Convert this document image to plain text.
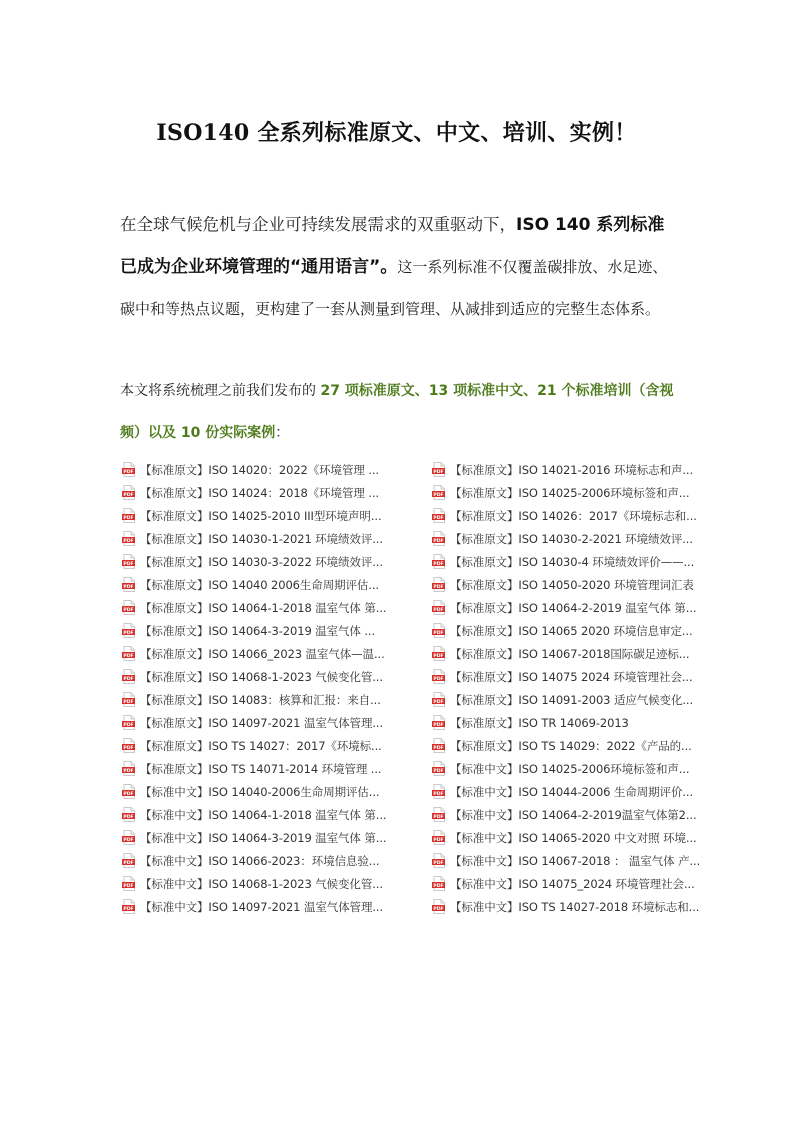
ISO140 全系列标准原文、中文、培训、实例！
在全球气候危机与企业可持续发展需求的双重驱动下，ISO 140 系列标准已成为企业环境管理的“通用语言”。这一系列标准不仅覆盖碳排放、水足迹、碳中和等热点议题，更构建了一套从测量到管理、从减排到适应的完整生态体系。
本文将系统梳理之前我们发布的 27 项标准原文、13 项标准中文、21 个标准培训（含视频）以及 10 份实际案例：
PDF 【标准原文】ISO 14020：2022《环境管理 ...	PDF 【标准原文】ISO 14021-2016 环境标志和声...
PDF 【标准原文】ISO 14024：2018《环境管理 ...	PDF 【标准原文】ISO 14025-2006环境标签和声...
PDF 【标准原文】ISO 14025-2010 III型环境声明...	PDF 【标准原文】ISO 14026：2017《环境标志和...
PDF 【标准原文】ISO 14030-1-2021 环境绩效评...	PDF 【标准原文】ISO 14030-2-2021 环境绩效评...
PDF 【标准原文】ISO 14030-3-2022 环境绩效评...	PDF 【标准原文】ISO 14030-4 环境绩效评价——...
PDF 【标准原文】ISO 14040 2006生命周期评估...	PDF 【标准原文】ISO 14050-2020 环境管理词汇表
PDF 【标准原文】ISO 14064-1-2018 温室气体 第...	PDF 【标准原文】ISO 14064-2-2019 温室气体 第...
PDF 【标准原文】ISO 14064-3-2019 温室气体 ...	PDF 【标准原文】ISO 14065 2020 环境信息审定...
PDF 【标准原文】ISO 14066_2023 温室气体—温...	PDF 【标准原文】ISO 14067-2018国际碳足迹标...
PDF 【标准原文】ISO 14068-1-2023 气候变化管...	PDF 【标准原文】ISO 14075 2024 环境管理社会...
PDF 【标准原文】ISO 14083：核算和汇报：来自...	PDF 【标准原文】ISO 14091-2003 适应气候变化...
PDF 【标准原文】ISO 14097-2021 温室气体管理...	PDF 【标准原文】ISO TR 14069-2013
PDF 【标准原文】ISO TS 14027：2017《环境标...	PDF 【标准原文】ISO TS 14029：2022《产品的...
PDF 【标准原文】ISO TS 14071-2014 环境管理 ...	PDF 【标准中文】ISO 14025-2006环境标签和声...
PDF 【标准中文】ISO 14040-2006生命周期评估...	PDF 【标准中文】ISO 14044-2006 生命周期评价...
PDF 【标准中文】ISO 14064-1-2018 温室气体 第...	PDF 【标准中文】ISO 14064-2-2019温室气体第2...
PDF 【标准中文】ISO 14064-3-2019 温室气体 第...	PDF 【标准中文】ISO 14065-2020 中文对照 环境...
PDF 【标准中文】ISO 14066-2023：环境信息验...	PDF 【标准中文】ISO 14067-2018 ： 温室气体 产...
PDF 【标准中文】ISO 14068-1-2023 气候变化管...	PDF 【标准中文】ISO 14075_2024 环境管理社会...
PDF 【标准中文】ISO 14097-2021 温室气体管理...	PDF 【标准中文】ISO TS 14027-2018 环境标志和...
